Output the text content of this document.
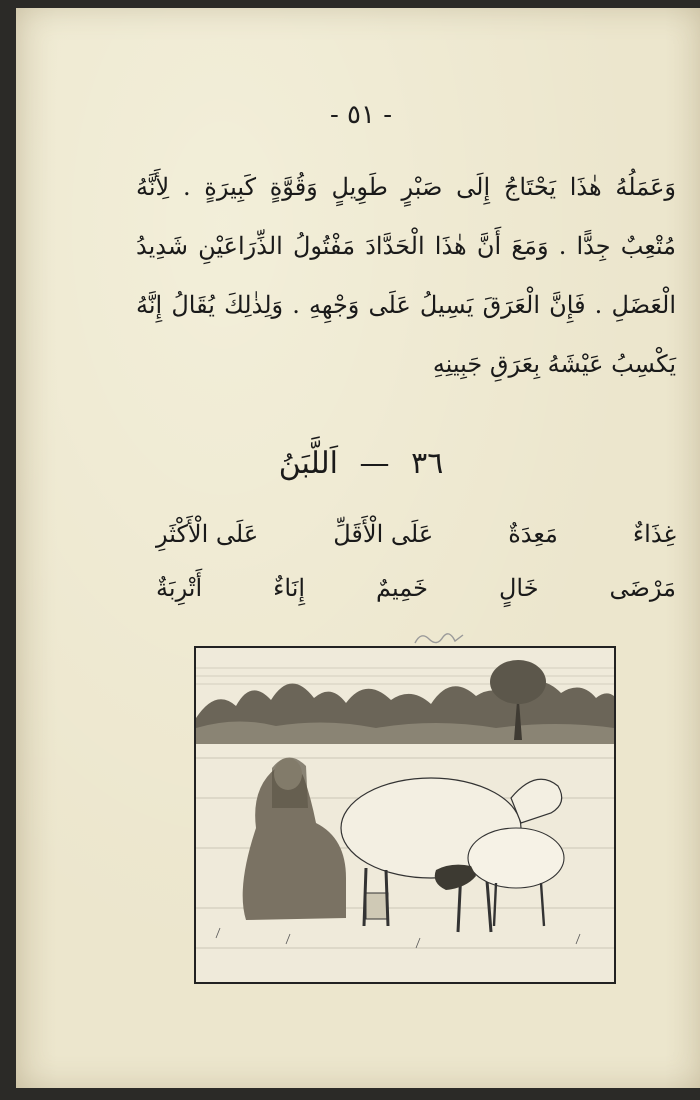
- ٥١ -
وَعَمَلُهُ هٰذَا يَحْتَاجُ إِلَى صَبْرٍ طَوِيلٍ وَقُوَّةٍ كَبِيرَةٍ . لِأَنَّهُ
مُتْعِبٌ جِدًّا . وَمَعَ أَنَّ هٰذَا الْحَدَّادَ مَفْتُولُ الذِّرَاعَيْنِ شَدِيدُ
الْعَضَلِ . فَإِنَّ الْعَرَقَ يَسِيلُ عَلَى وَجْهِهِ . وَلِذٰلِكَ يُقَالُ إِنَّهُ
يَكْسِبُ عَيْشَهُ بِعَرَقِ جَبِينِهِ
٣٦ — اَللَّبَنُ
غِذَاءٌ
مَعِدَةٌ
عَلَى الْأَقَلِّ
عَلَى الْأَكْثَرِ
مَرْضَى
خَالٍ
خَمِيمٌ
إِنَاءٌ
أَتْرِبَةٌ
